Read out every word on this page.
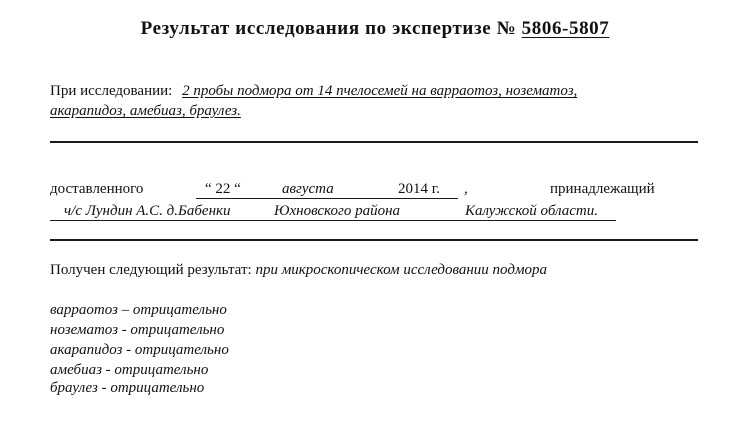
Результат исследования по экспертизе № 5806-5807
При исследовании: 2 пробы подмора от 14 пчелосемей на варраотоз, нозематоз,
акарапидоз, амебиаз, браулез.
доставленного	“ 22 “	августа	2014 г. ,	принадлежащий
ч/с Лундин А.С. д.Бабенки	Юхновского района	Калужской области.
Получен следующий результат: при микроскопическом исследовании подмора
варраотоз – отрицательно
нозематоз - отрицательно
акарапидоз - отрицательно
амебиаз - отрицательно
браулез - отрицательно
